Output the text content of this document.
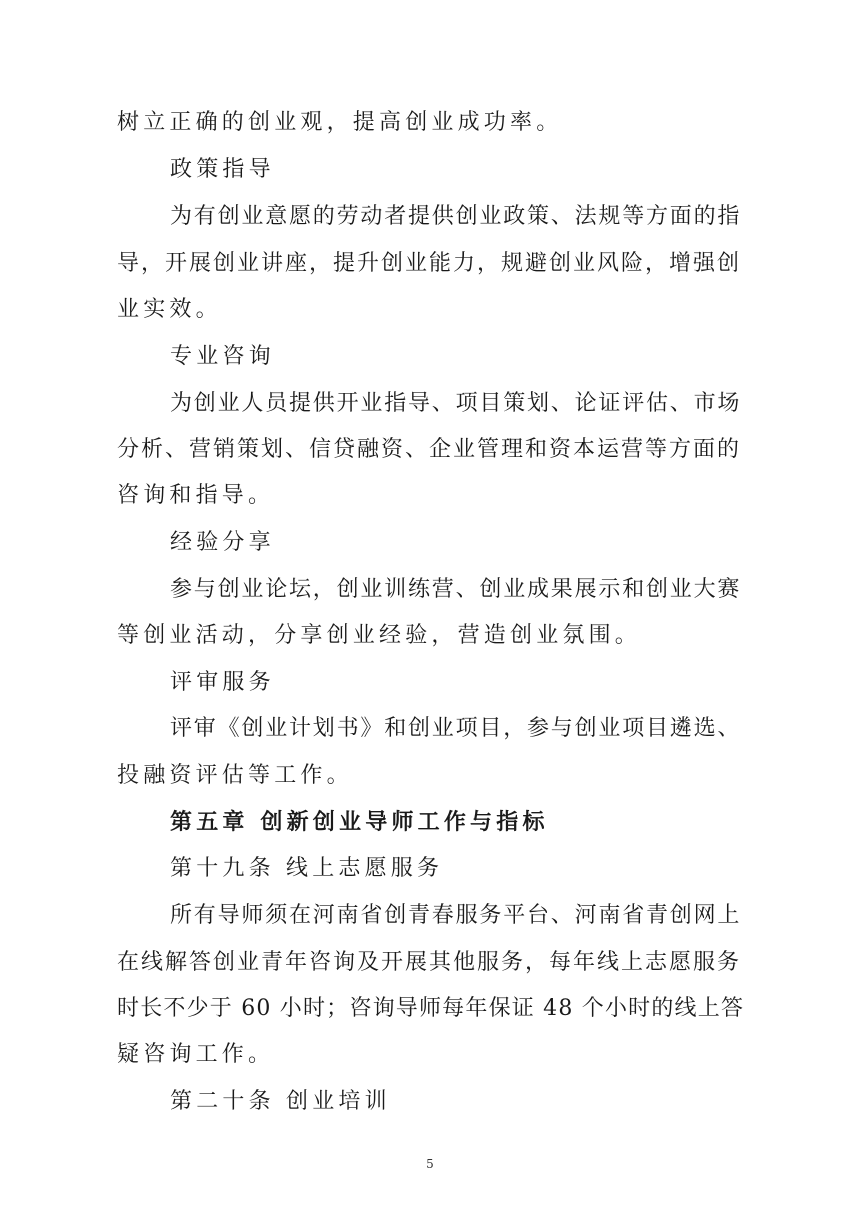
树立正确的创业观，提高创业成功率。
政策指导
为有创业意愿的劳动者提供创业政策、法规等方面的指
导，开展创业讲座，提升创业能力，规避创业风险，增强创
业实效。
专业咨询
为创业人员提供开业指导、项目策划、论证评估、市场
分析、营销策划、信贷融资、企业管理和资本运营等方面的
咨询和指导。
经验分享
参与创业论坛，创业训练营、创业成果展示和创业大赛
等创业活动，分享创业经验，营造创业氛围。
评审服务
评审《创业计划书》和创业项目，参与创业项目遴选、
投融资评估等工作。
第五章 创新创业导师工作与指标
第十九条 线上志愿服务
所有导师须在河南省创青春服务平台、河南省青创网上
在线解答创业青年咨询及开展其他服务，每年线上志愿服务
时长不少于 60 小时；咨询导师每年保证 48 个小时的线上答
疑咨询工作。
第二十条 创业培训
5
